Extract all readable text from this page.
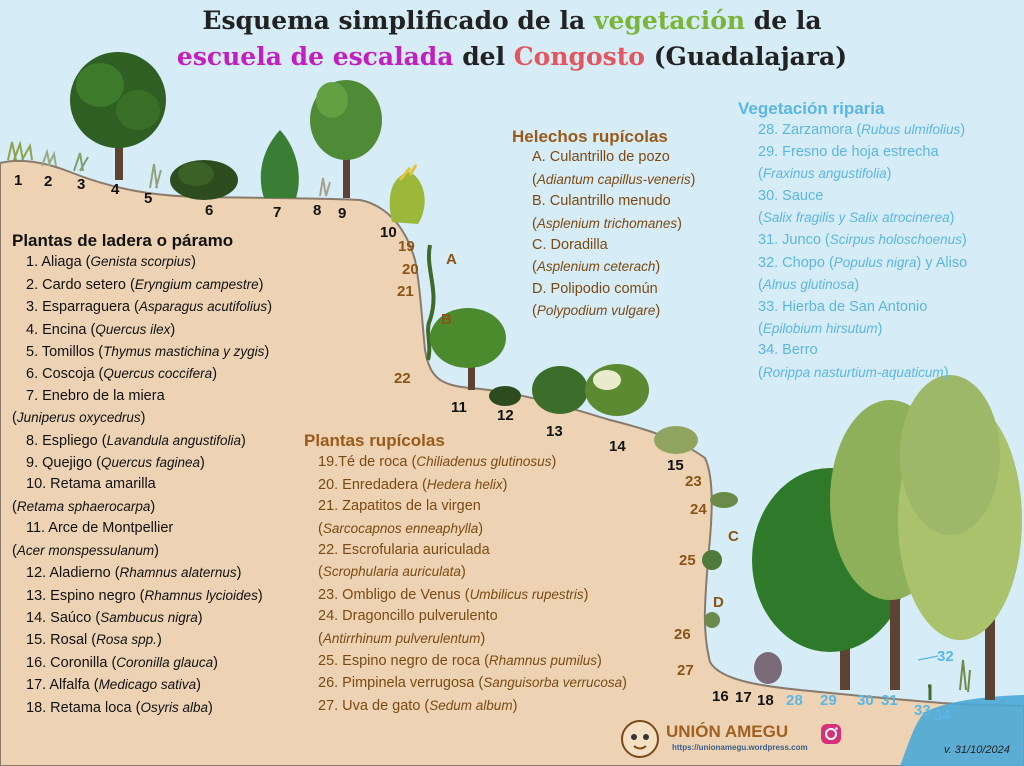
Esquema simplificado de la vegetación de la
escuela de escalada del Congosto (Guadalajara)
1 2 3 4
5
6	7 8 9
10
19
20
21
A
B
22
11 12
13
14
15
23
24
C
25
D
26
27
16 17 18 28 29 30 31
32
33 34
Plantas de ladera o páramo
1. Aliaga (Genista scorpius)
2. Cardo setero (Eryngium campestre)
3. Esparraguera (Asparagus acutifolius)
4. Encina (Quercus ilex)
5. Tomillos (Thymus mastichina y zygis)
6. Coscoja (Quercus coccifera)
7. Enebro de la miera
(Juniperus oxycedrus)
8. Espliego (Lavandula angustifolia)
9. Quejigo (Quercus faginea)
10. Retama amarilla
(Retama sphaerocarpa)
11. Arce de Montpellier
(Acer monspessulanum)
12. Aladierno (Rhamnus alaternus)
13. Espino negro (Rhamnus lycioides)
14. Saúco (Sambucus nigra)
15. Rosal (Rosa spp.)
16. Coronilla (Coronilla glauca)
17. Alfalfa (Medicago sativa)
18. Retama loca (Osyris alba)
Helechos rupícolas
A. Culantrillo de pozo
(Adiantum capillus-veneris)
B. Culantrillo menudo
(Asplenium trichomanes)
C. Doradilla
(Asplenium ceterach)
D. Polipodio común
(Polypodium vulgare)
Plantas rupícolas
19.Té de roca (Chiliadenus glutinosus)
20. Enredadera (Hedera helix)
21. Zapatitos de la virgen
(Sarcocapnos enneaphylla)
22. Escrofularia auriculada
(Scrophularia auriculata)
23. Ombligo de Venus (Umbilicus rupestris)
24. Dragoncillo pulverulento
(Antirrhinum pulverulentum)
25. Espino negro de roca (Rhamnus pumilus)
26. Pimpinela verrugosa (Sanguisorba verrucosa)
27. Uva de gato (Sedum album)
Vegetación riparia
28. Zarzamora (Rubus ulmifolius)
29. Fresno de hoja estrecha
(Fraxinus angustifolia)
30. Sauce
(Salix fragilis y Salix atrocinerea)
31. Junco (Scirpus holoschoenus)
32. Chopo (Populus nigra) y Aliso
(Alnus glutinosa)
33. Hierba de San Antonio
(Epilobium hirsutum)
34. Berro
(Rorippa nasturtium-aquaticum)
UNIÓN AMEGU
https://unionamegu.wordpress.com	v. 31/10/2024
